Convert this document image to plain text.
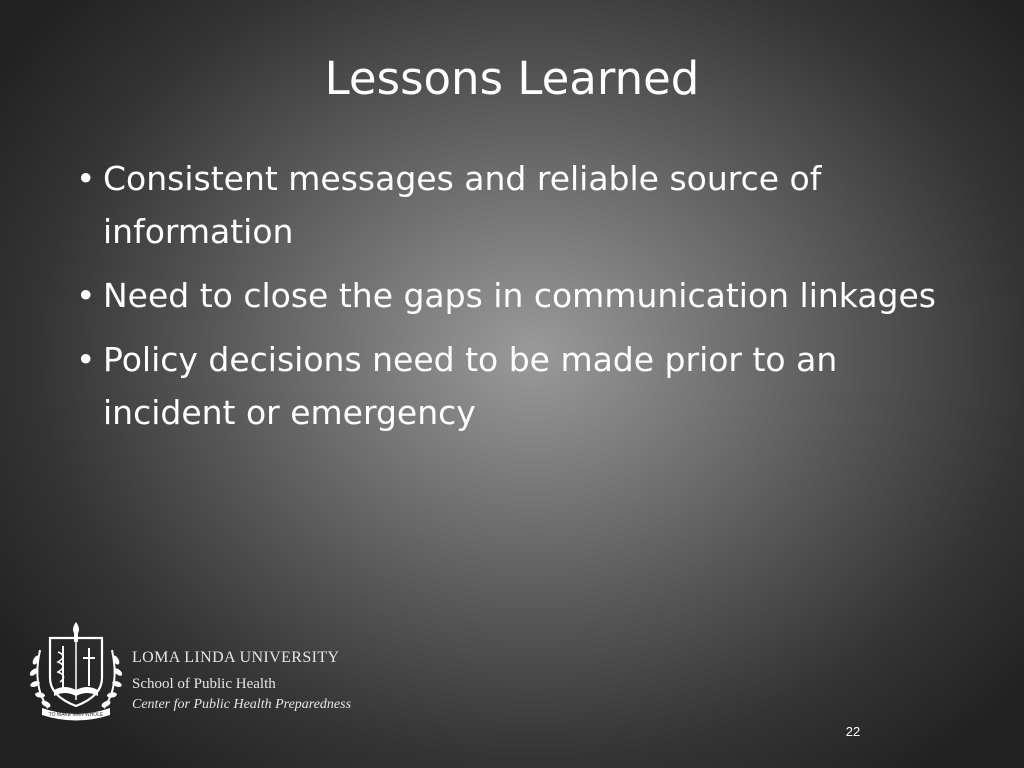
Lessons Learned
• Consistent messages and reliable source of information
• Need to close the gaps in communication linkages
• Policy decisions need to be made prior to an incident or emergency
TO MAKE MAN WHOLE
LOMA LINDA UNIVERSITY
School of Public Health
Center for Public Health Preparedness
22
